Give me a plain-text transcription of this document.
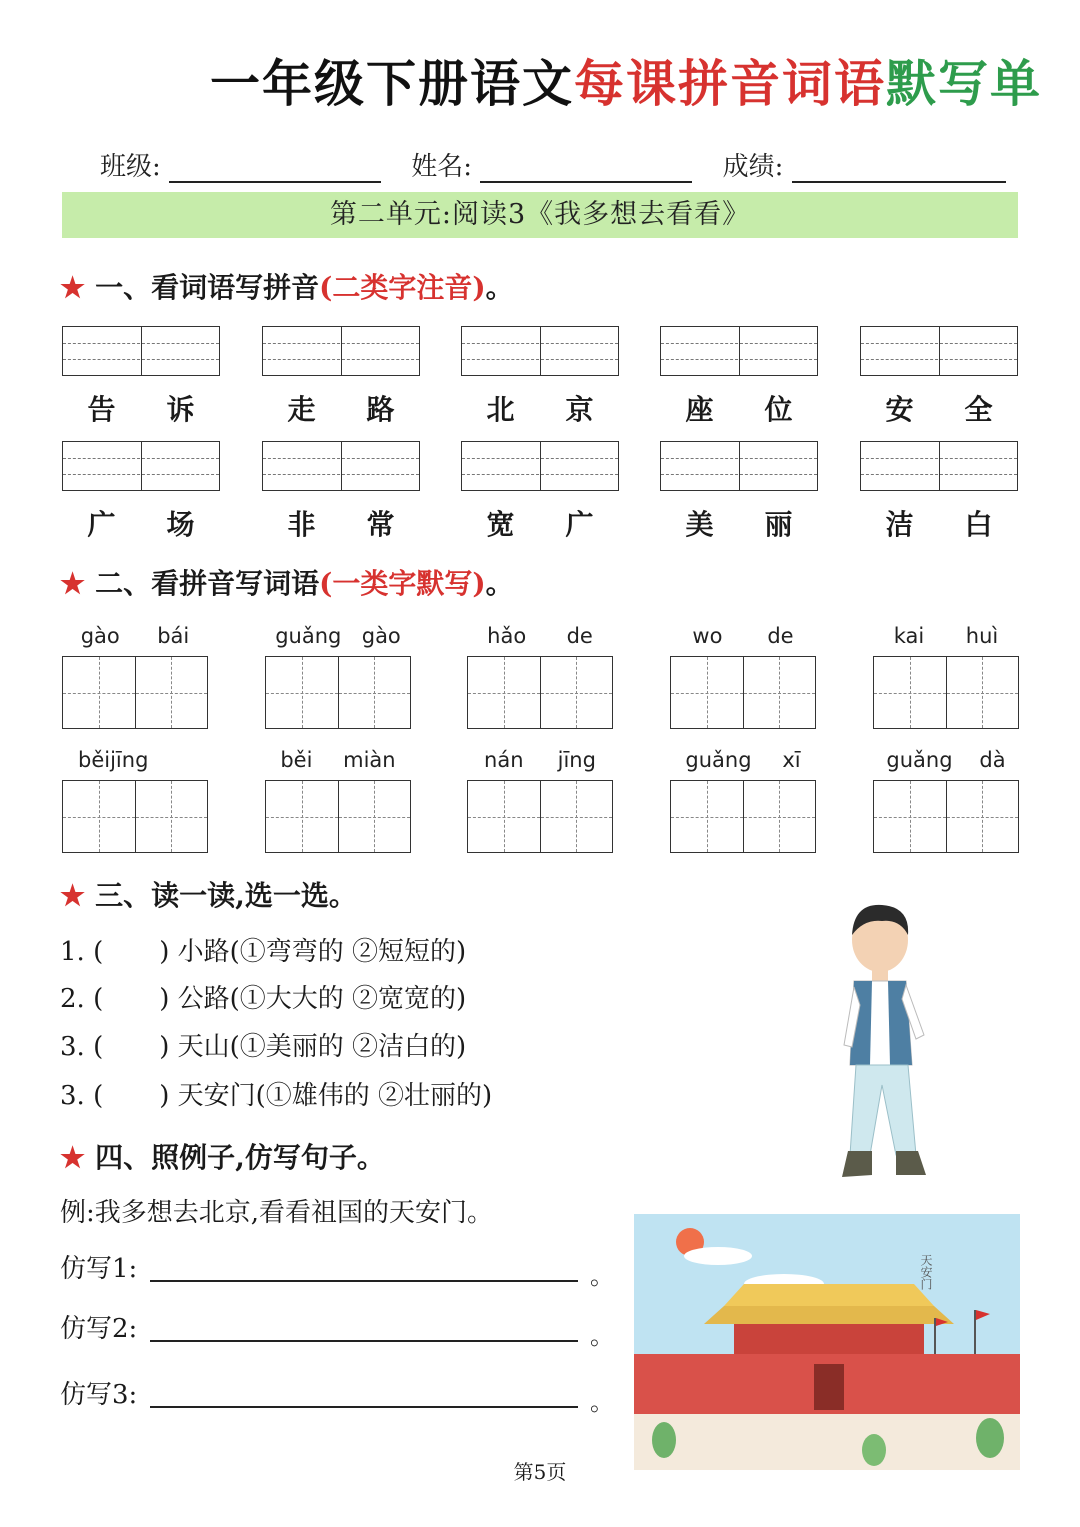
一年级下册语文每课拼音词语默写单
班级:	姓名:	成绩:
第二单元:阅读3《我多想去看看》
★ 一、看词语写拼音(二类字注音)。
告 诉	走 路	北 京	座 位	安 全
广 场	非 常	宽 广	美 丽	洁 白
★ 二、看拼音写词语(一类字默写)。
gào bái	guǎng gào	hǎo de	wo de	kai huì
běijīng	běi miàn	nán jīng	guǎng xī	guǎng dà
★ 三、读一读,选一选。
1. ( ) 小路(①弯弯的 ②短短的)
2. ( ) 公路(①大大的 ②宽宽的)
3. ( ) 天山(①美丽的 ②洁白的)
3. ( ) 天安门(①雄伟的 ②壮丽的)
★ 四、照例子,仿写句子。
例:我多想去北京,看看祖国的天安门。
仿写1:	。
仿写2:	。
仿写3:	。
天安门
第5页
